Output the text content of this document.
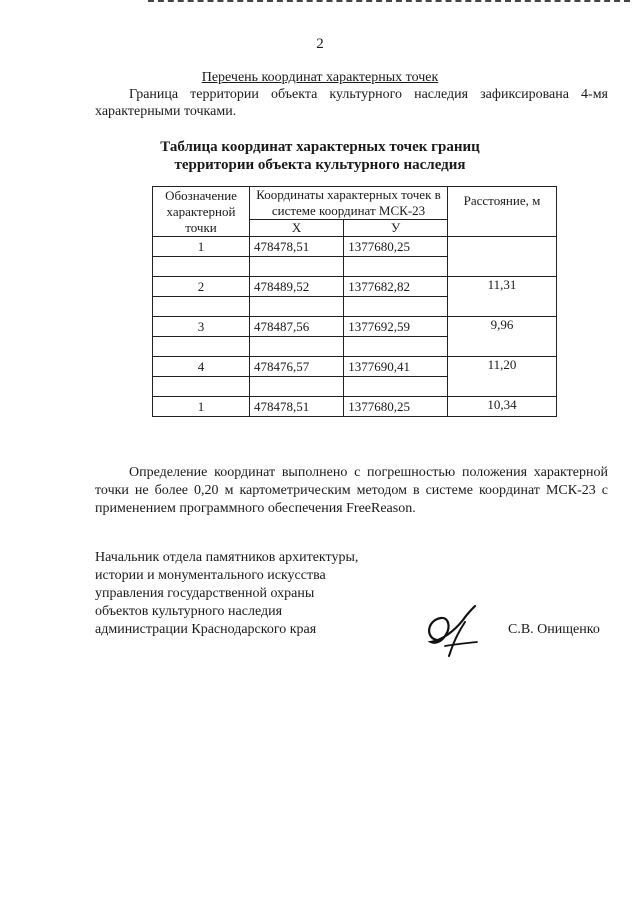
2
Перечень координат характерных точек
Граница территории объекта культурного наследия зафиксирована 4-мя характерными точками.
Таблица координат характерных точек границ
территории объекта культурного наследия
Обозначение характерной точки	Координаты характерных точек в системе координат МСК-23		Расстояние, м
	X	У	
1	478478,51	1377680,25	

2	478489,52	1377682,82	11,31

3	478487,56	1377692,59	9,96

4	478476,57	1377690,41	11,20

1	478478,51	1377680,25	10,34
Определение координат выполнено с погрешностью положения характерной точки не более 0,20 м картометрическим методом в системе координат МСК-23 с применением программного обеспечения FreeReason.
Начальник отдела памятников архитектуры,
истории и монументального искусства
управления государственной охраны
объектов культурного наследия
администрации Краснодарского края	С.В. Онищенко
